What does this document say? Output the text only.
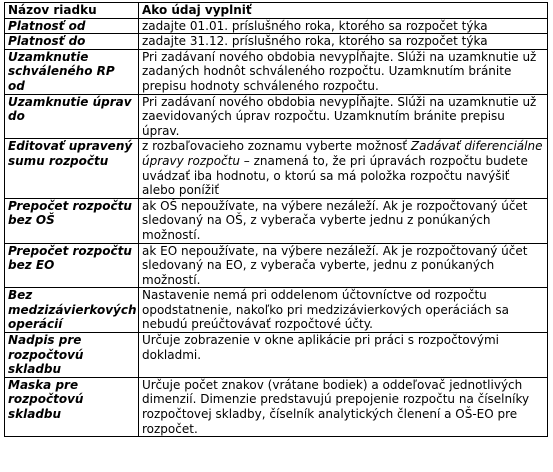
Názov riadku	Ako údaj vyplniť
Platnosť od	zadajte 01.01. príslušného roka, ktorého sa rozpočet týka
Platnosť do	zadajte 31.12. príslušného roka, ktorého sa rozpočet týka
Uzamknutie schváleného RP od	Pri zadávaní nového obdobia nevypĺňajte. Slúži na uzamknutie už zadaných hodnôt schváleného rozpočtu. Uzamknutím bránite prepisu hodnoty schváleného rozpočtu.
Uzamknutie úprav do	Pri zadávaní nového obdobia nevypĺňajte. Slúži na uzamknutie už zaevidovaných úprav rozpočtu. Uzamknutím bránite prepisu úprav.
Editovať upravený sumu rozpočtu	z rozbaľovacieho zoznamu vyberte možnosť Zadávať diferenciálne úpravy rozpočtu – znamená to, že pri úpravách rozpočtu budete uvádzať iba hodnotu, o ktorú sa má položka rozpočtu navýšiť alebo ponížiť
Prepočet rozpočtu bez OŠ	ak OŠ nepoužívate, na výbere nezáleží. Ak je rozpočtovaný účet sledovaný na OŠ, z vyberača vyberte jednu z ponúkaných možností.
Prepočet rozpočtu bez EO	ak EO nepoužívate, na výbere nezáleží. Ak je rozpočtovaný účet sledovaný na EO, z vyberača vyberte, jednu z ponúkaných možností.
Bez medzizávierkových operácií	Nastavenie nemá pri oddelenom účtovníctve od rozpočtu opodstatnenie, nakoľko pri medzizávierkových operáciách sa nebudú preúčtovávať rozpočtové účty.
Nadpis pre rozpočtovú skladbu	Určuje zobrazenie v okne aplikácie pri práci s rozpočtovými dokladmi.
Maska pre rozpočtovú skladbu	Určuje počet znakov (vrátane bodiek) a oddeľovač jednotlivých dimenzií. Dimenzie predstavujú prepojenie rozpočtu na číselníky rozpočtovej skladby, číselník analytických členení a OŠ-EO pre rozpočet.
